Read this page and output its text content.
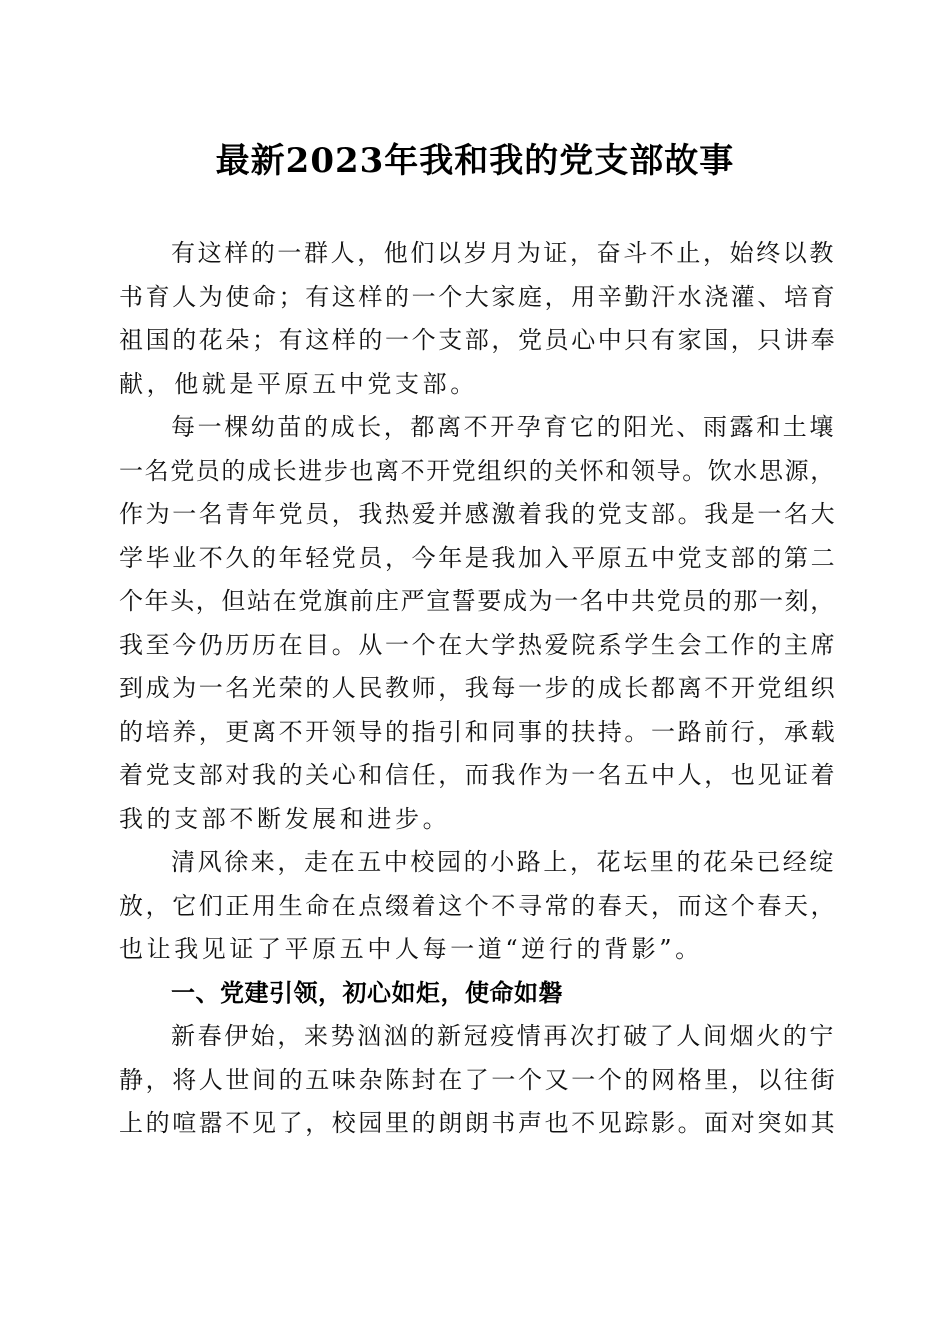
最新2023年我和我的党支部故事
有这样的一群人，他们以岁月为证，奋斗不止，始终以教
书育人为使命；有这样的一个大家庭，用辛勤汗水浇灌、培育
祖国的花朵；有这样的一个支部，党员心中只有家国，只讲奉
献，他就是平原五中党支部。
每一棵幼苗的成长，都离不开孕育它的阳光、雨露和土壤
一名党员的成长进步也离不开党组织的关怀和领导。饮水思源，
作为一名青年党员，我热爱并感激着我的党支部。我是一名大
学毕业不久的年轻党员，今年是我加入平原五中党支部的第二
个年头，但站在党旗前庄严宣誓要成为一名中共党员的那一刻，
我至今仍历历在目。从一个在大学热爱院系学生会工作的主席
到成为一名光荣的人民教师，我每一步的成长都离不开党组织
的培养，更离不开领导的指引和同事的扶持。一路前行，承载
着党支部对我的关心和信任，而我作为一名五中人，也见证着
我的支部不断发展和进步。
清风徐来，走在五中校园的小路上，花坛里的花朵已经绽
放，它们正用生命在点缀着这个不寻常的春天，而这个春天，
也让我见证了平原五中人每一道“逆行的背影”。
一、党建引领，初心如炬，使命如磐
新春伊始，来势汹汹的新冠疫情再次打破了人间烟火的宁
静，将人世间的五味杂陈封在了一个又一个的网格里，以往街
上的喧嚣不见了，校园里的朗朗书声也不见踪影。面对突如其
